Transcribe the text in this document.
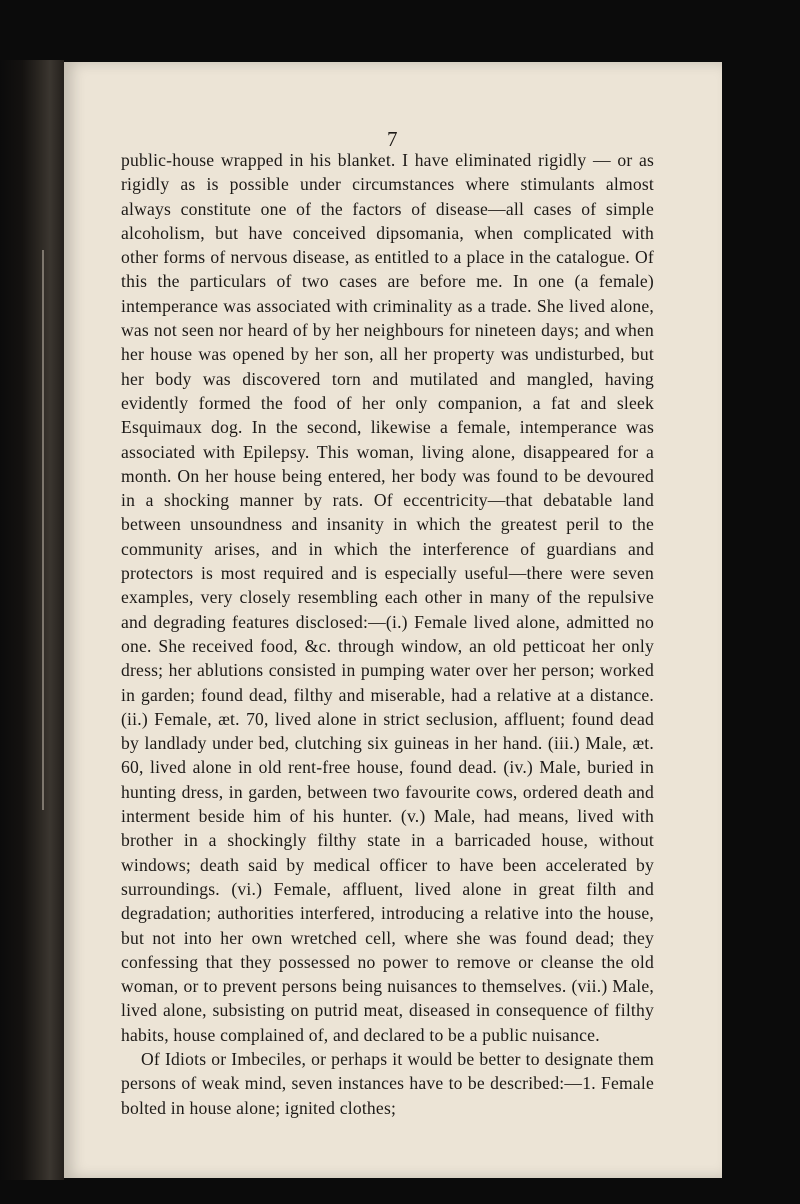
7

public-house wrapped in his blanket. I have eliminated rigidly — or as rigidly as is possible under circumstances where stimulants almost always constitute one of the factors of disease—all cases of simple alcoholism, but have conceived dipsomania, when complicated with other forms of nervous disease, as entitled to a place in the catalogue. Of this the particulars of two cases are before me. In one (a female) intemperance was associated with criminality as a trade. She lived alone, was not seen nor heard of by her neighbours for nineteen days; and when her house was opened by her son, all her property was undisturbed, but her body was discovered torn and mutilated and mangled, having evidently formed the food of her only companion, a fat and sleek Esquimaux dog. In the second, likewise a female, intemperance was associated with Epilepsy. This woman, living alone, disappeared for a month. On her house being entered, her body was found to be devoured in a shocking manner by rats. Of eccentricity—that debatable land between unsoundness and insanity in which the greatest peril to the community arises, and in which the interference of guardians and protectors is most required and is especially useful—there were seven examples, very closely resembling each other in many of the repulsive and degrading features disclosed:—(i.) Female lived alone, admitted no one. She received food, &c. through window, an old petticoat her only dress; her ablutions consisted in pumping water over her person; worked in garden; found dead, filthy and miserable, had a relative at a distance. (ii.) Female, æt. 70, lived alone in strict seclusion, affluent; found dead by landlady under bed, clutching six guineas in her hand. (iii.) Male, æt. 60, lived alone in old rent-free house, found dead. (iv.) Male, buried in hunting dress, in garden, between two favourite cows, ordered death and interment beside him of his hunter. (v.) Male, had means, lived with brother in a shockingly filthy state in a barricaded house, without windows; death said by medical officer to have been accelerated by surroundings. (vi.) Female, affluent, lived alone in great filth and degradation; authorities interfered, introducing a relative into the house, but not into her own wretched cell, where she was found dead; they confessing that they possessed no power to remove or cleanse the old woman, or to prevent persons being nuisances to themselves. (vii.) Male, lived alone, subsisting on putrid meat, diseased in consequence of filthy habits, house complained of, and declared to be a public nuisance.

Of Idiots or Imbeciles, or perhaps it would be better to designate them persons of weak mind, seven instances have to be described:—1. Female bolted in house alone; ignited clothes;
